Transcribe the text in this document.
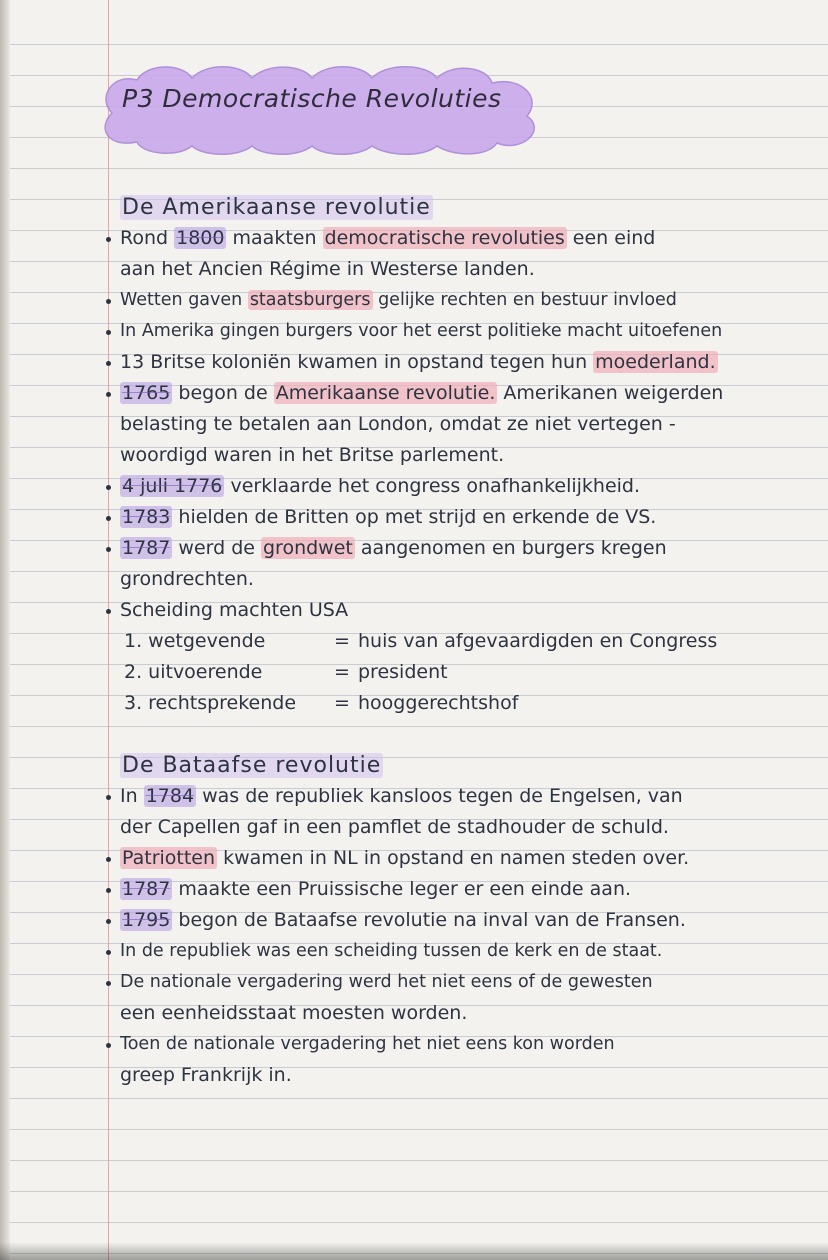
P3 Democratische Revoluties
De Amerikaanse revolutie
Rond 1800 maakten democratische revoluties een eind
aan het Ancien Régime in Westerse landen.
Wetten gaven staatsburgers gelijke rechten en bestuur invloed
In Amerika gingen burgers voor het eerst politieke macht uitoefenen
13 Britse koloniën kwamen in opstand tegen hun moederland.
1765 begon de Amerikaanse revolutie. Amerikanen weigerden
belasting te betalen aan London, omdat ze niet vertegen -
woordigd waren in het Britse parlement.
4 juli 1776 verklaarde het congress onafhankelijkheid.
1783 hielden de Britten op met strijd en erkende de VS.
1787 werd de grondwet aangenomen en burgers kregen
grondrechten.
Scheiding machten USA
1. wetgevende	= huis van afgevaardigden en Congress
2. uitvoerende	= president
3. rechtsprekende = hooggerechtshof
De Bataafse revolutie
In 1784 was de republiek kansloos tegen de Engelsen, van
der Capellen gaf in een pamflet de stadhouder de schuld.
Patriotten kwamen in NL in opstand en namen steden over.
1787 maakte een Pruissische leger er een einde aan.
1795 begon de Bataafse revolutie na inval van de Fransen.
In de republiek was een scheiding tussen de kerk en de staat.
De nationale vergadering werd het niet eens of de gewesten
een eenheidsstaat moesten worden.
Toen de nationale vergadering het niet eens kon worden
greep Frankrijk in.
